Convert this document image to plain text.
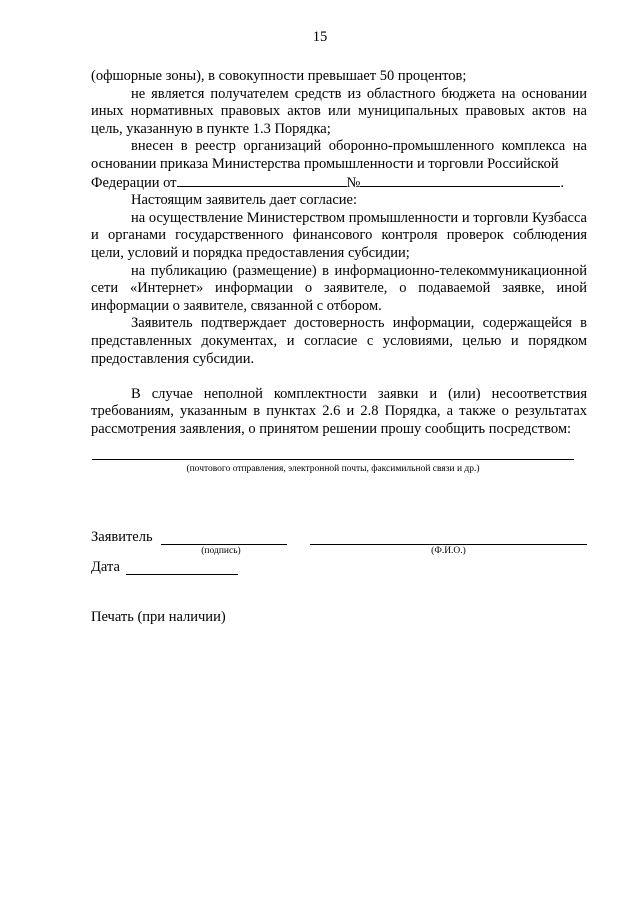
15

(офшорные зоны), в совокупности превышает 50 процентов;

не является получателем средств из областного бюджета на основании иных нормативных правовых актов или муниципальных правовых актов на цель, указанную в пункте 1.3 Порядка;

внесен в реестр организаций оборонно-промышленного комплекса на основании приказа Министерства промышленности и торговли Российской

Федерации от	№	.

Настоящим заявитель дает согласие:

на осуществление Министерством промышленности и торговли Кузбасса и органами государственного финансового контроля проверок соблюдения цели, условий и порядка предоставления субсидии;

на публикацию (размещение) в информационно-телекоммуникационной сети «Интернет» информации о заявителе, о подаваемой заявке, иной информации о заявителе, связанной с отбором.

Заявитель подтверждает достоверность информации, содержащейся в представленных документах, и согласие с условиями, целью и порядком предоставления субсидии.

В случае неполной комплектности заявки и (или) несоответствия требованиям, указанным в пунктах 2.6 и 2.8 Порядка, а также о результатах рассмотрения заявления, о принятом решении прошу сообщить посредством:

(почтового отправления, электронной почты, факсимильной связи и др.)
Заявитель
(подпись)	(Ф.И.О.)
Дата
Печать (при наличии)
